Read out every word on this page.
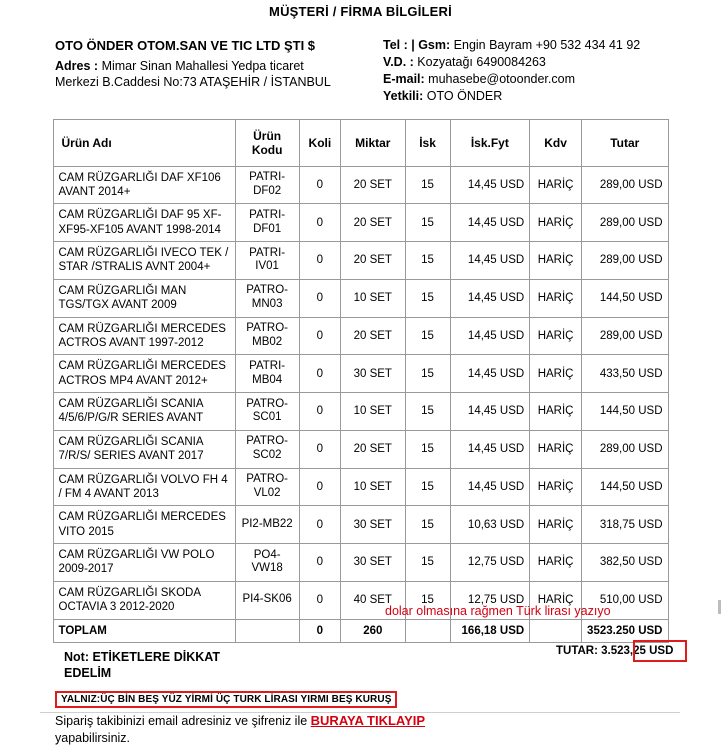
MÜŞTERİ / FİRMA BİLGİLERİ
OTO ÖNDER OTOM.SAN VE TIC LTD ŞTI $
Adres : Mimar Sinan Mahallesi Yedpa ticaret
Merkezi B.Caddesi No:73 ATAŞEHİR / İSTANBUL
Tel : | Gsm: Engin Bayram +90 532 434 41 92
V.D. : Kozyatağı 6490084263
E-mail: muhasebe@otoonder.com
Yetkili: OTO ÖNDER
Ürün Adı	Ürün Kodu	Koli	Miktar	İsk	İsk.Fyt	Kdv	Tutar
CAM RÜZGARLIĞI DAF XF106 AVANT 2014+	PATRI-DF02	0	20 SET	15	14,45 USD	HARİÇ	289,00 USD
CAM RÜZGARLIĞI DAF 95 XF-XF95-XF105 AVANT 1998-2014	PATRI-DF01	0	20 SET	15	14,45 USD	HARİÇ	289,00 USD
CAM RÜZGARLIĞI IVECO TEK / STAR /STRALIS AVNT 2004+	PATRI-IV01	0	20 SET	15	14,45 USD	HARİÇ	289,00 USD
CAM RÜZGARLIĞI MAN TGS/TGX AVANT 2009	PATRO-MN03	0	10 SET	15	14,45 USD	HARİÇ	144,50 USD
CAM RÜZGARLIĞI MERCEDES ACTROS AVANT 1997-2012	PATRO-MB02	0	20 SET	15	14,45 USD	HARİÇ	289,00 USD
CAM RÜZGARLIĞI MERCEDES ACTROS MP4 AVANT 2012+	PATRI-MB04	0	30 SET	15	14,45 USD	HARİÇ	433,50 USD
CAM RÜZGARLIĞI SCANIA 4/5/6/P/G/R SERIES AVANT	PATRO-SC01	0	10 SET	15	14,45 USD	HARİÇ	144,50 USD
CAM RÜZGARLIĞI SCANIA 7/R/S/ SERIES AVANT 2017	PATRO-SC02	0	20 SET	15	14,45 USD	HARİÇ	289,00 USD
CAM RÜZGARLIĞI VOLVO FH 4 / FM 4 AVANT 2013	PATRO-VL02	0	10 SET	15	14,45 USD	HARİÇ	144,50 USD
CAM RÜZGARLIĞI MERCEDES VITO 2015	PI2-MB22	0	30 SET	15	10,63 USD	HARİÇ	318,75 USD
CAM RÜZGARLIĞI VW POLO 2009-2017	PO4-VW18	0	30 SET	15	12,75 USD	HARİÇ	382,50 USD
CAM RÜZGARLIĞI SKODA OCTAVIA 3 2012-2020	PI4-SK06	0	40 SET	15	12,75 USD	HARİÇ	510,00 USD
TOPLAM		0	260		166,18 USD		3523.250 USD
Not: ETİKETLERE DİKKAT
EDELİM
YALNIZ:ÜÇ BİN BEŞ YÜZ YİRMİ ÜÇ TURK LİRASI YIRMI BEŞ KURUŞ
Sipariş takibinizi email adresiniz ve şifreniz ile BURAYA TIKLAYIP
yapabilirsiniz.
dolar olmasına rağmen Türk lirası yazıyo
TUTAR: 3.523,25 USD
